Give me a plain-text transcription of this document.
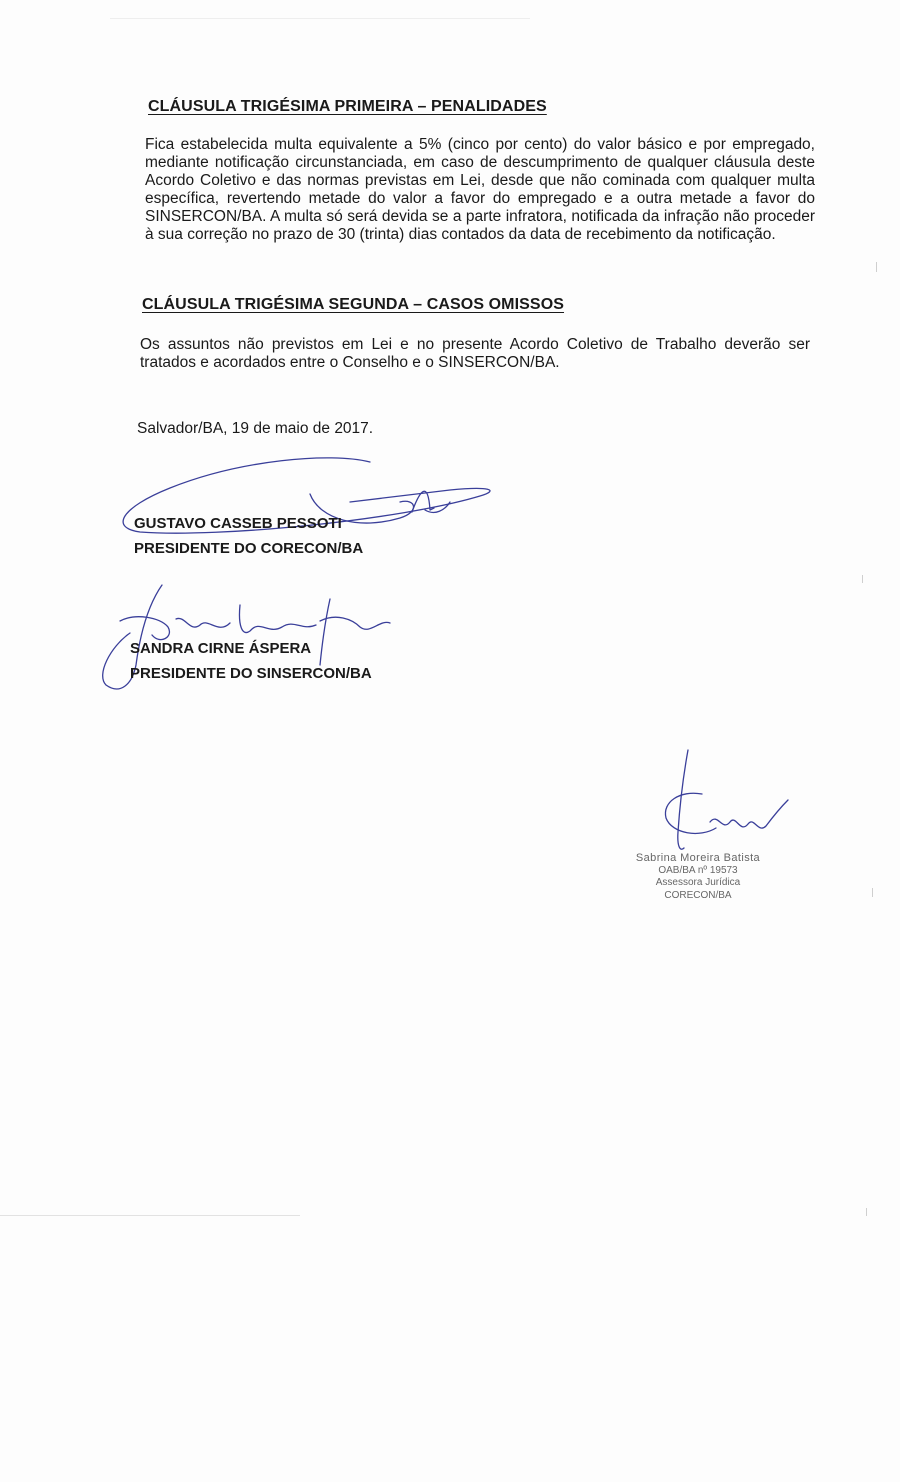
CLÁUSULA TRIGÉSIMA PRIMEIRA – PENALIDADES
Fica estabelecida multa equivalente a 5% (cinco por cento) do valor básico e por empregado, mediante notificação circunstanciada, em caso de descumprimento de qualquer cláusula deste Acordo Coletivo e das normas previstas em Lei, desde que não cominada com qualquer multa específica, revertendo metade do valor a favor do empregado e a outra metade a favor do SINSERCON/BA. A multa só será devida se a parte infratora, notificada da infração não proceder à sua correção no prazo de 30 (trinta) dias contados da data de recebimento da notificação.
CLÁUSULA TRIGÉSIMA SEGUNDA – CASOS OMISSOS
Os assuntos não previstos em Lei e no presente Acordo Coletivo de Trabalho deverão ser tratados e acordados entre o Conselho e o SINSERCON/BA.
Salvador/BA, 19 de maio de 2017.
GUSTAVO CASSEB PESSOTI
PRESIDENTE DO CORECON/BA
SANDRA CIRNE ÁSPERA
PRESIDENTE DO SINSERCON/BA
Sabrina Moreira Batista
OAB/BA nº 19573
Assessora Jurídica
CORECON/BA
